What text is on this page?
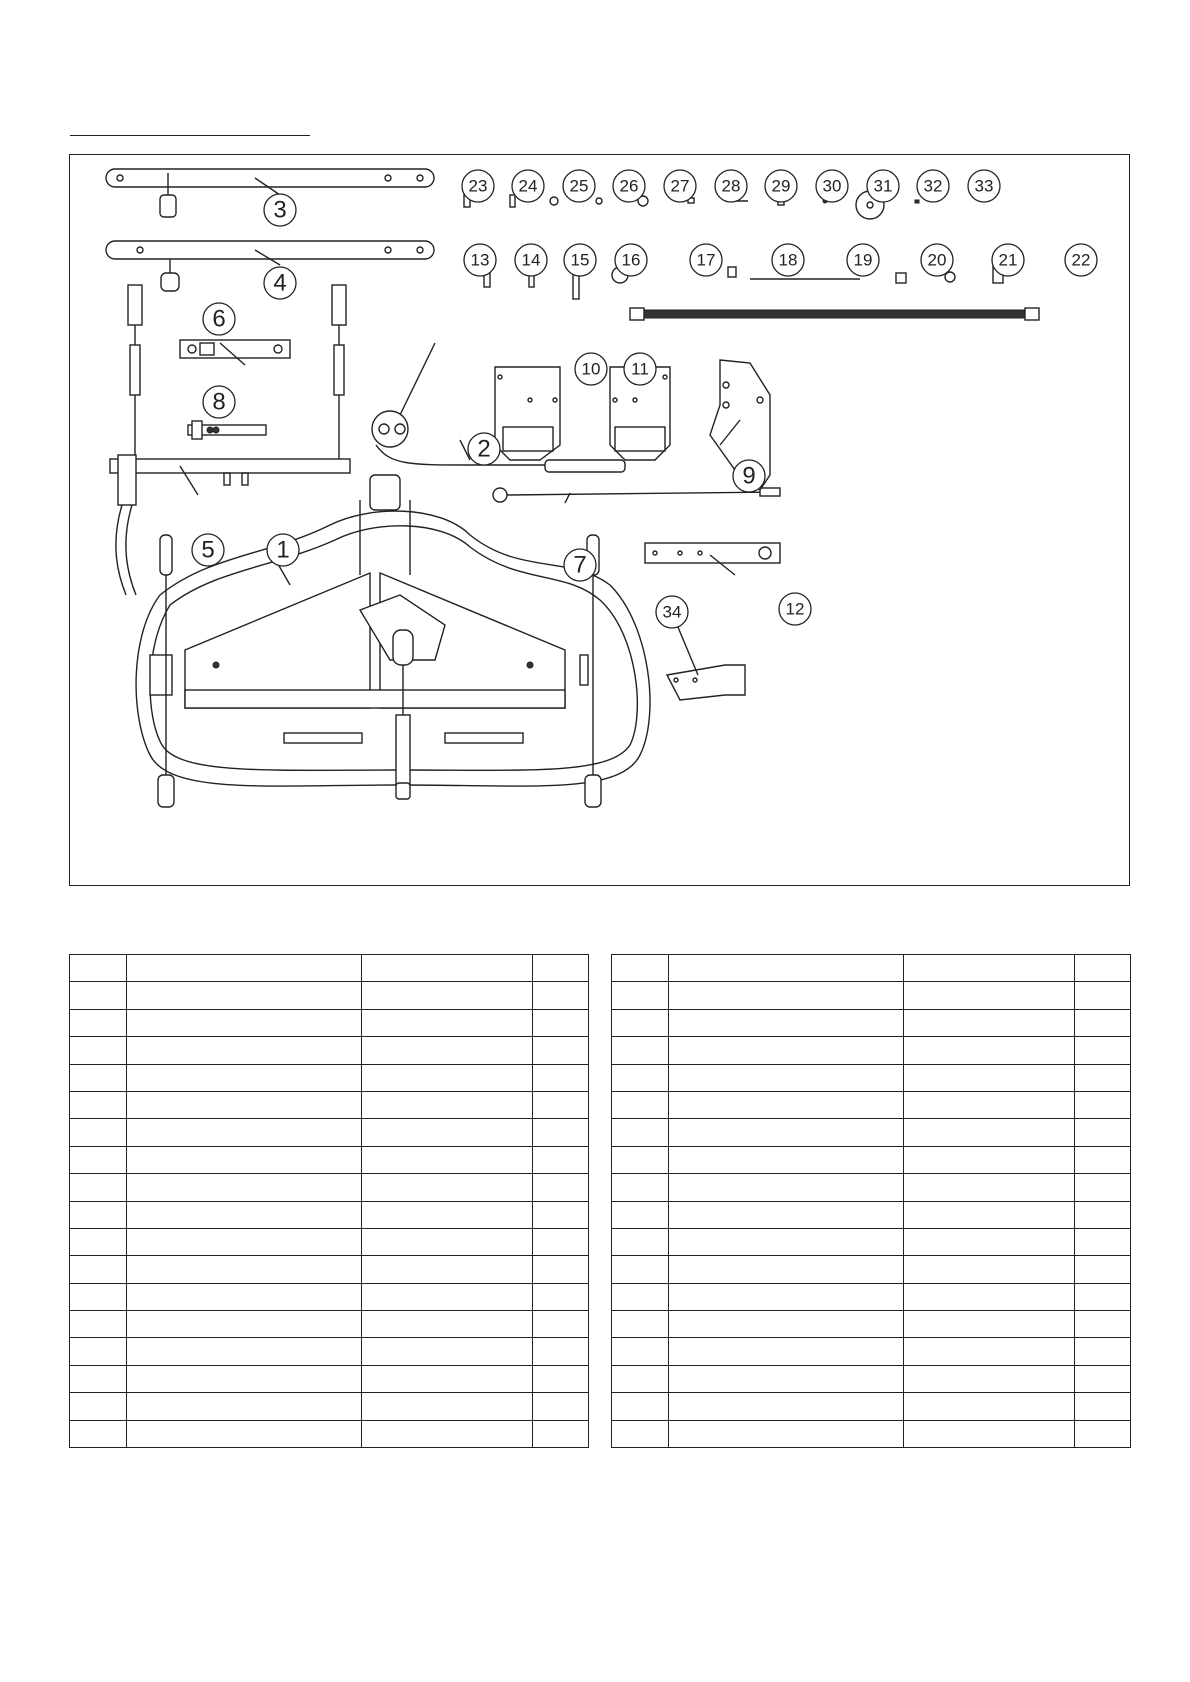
3
4
6
8
5	1
2
7
9
10 11
12
34
13 14 15 16	17	18	19	20	21	22
23 24 25 26 27 28 29 30 31 32 33
